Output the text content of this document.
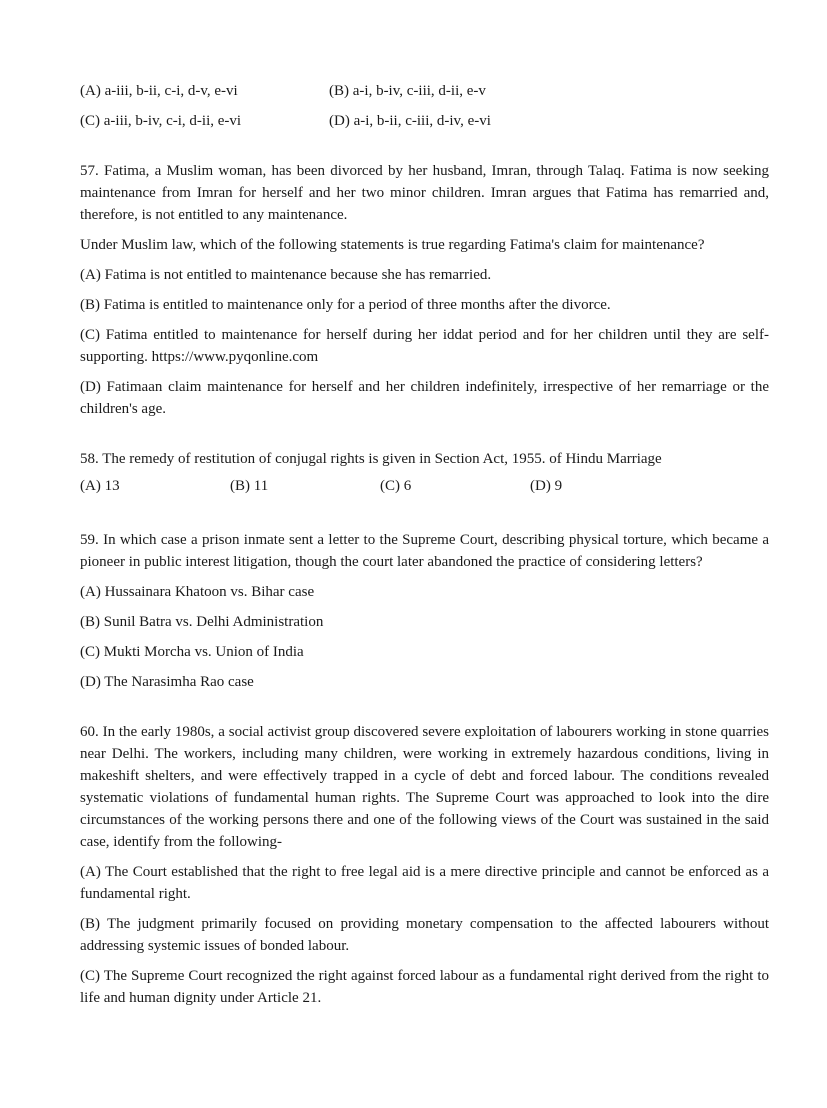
(A) a-iii, b-ii, c-i, d-v, e-vi	(B) a-i, b-iv, c-iii, d-ii, e-v
(C) a-iii, b-iv, c-i, d-ii, e-vi	(D) a-i, b-ii, c-iii, d-iv, e-vi
57. Fatima, a Muslim woman, has been divorced by her husband, Imran, through Talaq. Fatima is now seeking maintenance from Imran for herself and her two minor children. Imran argues that Fatima has remarried and, therefore, is not entitled to any maintenance.
Under Muslim law, which of the following statements is true regarding Fatima's claim for maintenance?
(A) Fatima is not entitled to maintenance because she has remarried.
(B) Fatima is entitled to maintenance only for a period of three months after the divorce.
(C) Fatima entitled to maintenance for herself during her iddat period and for her children until they are self-supporting. https://www.pyqonline.com
(D) Fatimaan claim maintenance for herself and her children indefinitely, irrespective of her remarriage or the children's age.
58. The remedy of restitution of conjugal rights is given in Section Act, 1955. of Hindu Marriage
(A) 13	(B) 11	(C) 6	(D) 9
59. In which case a prison inmate sent a letter to the Supreme Court, describing physical torture, which became a pioneer in public interest litigation, though the court later abandoned the practice of considering letters?
(A) Hussainara Khatoon vs. Bihar case
(B) Sunil Batra vs. Delhi Administration
(C) Mukti Morcha vs. Union of India
(D) The Narasimha Rao case
60. In the early 1980s, a social activist group discovered severe exploitation of labourers working in stone quarries near Delhi. The workers, including many children, were working in extremely hazardous conditions, living in makeshift shelters, and were effectively trapped in a cycle of debt and forced labour. The conditions revealed systematic violations of fundamental human rights. The Supreme Court was approached to look into the dire circumstances of the working persons there and one of the following views of the Court was sustained in the said case, identify from the following-
(A) The Court established that the right to free legal aid is a mere directive principle and cannot be enforced as a fundamental right.
(B) The judgment primarily focused on providing monetary compensation to the affected labourers without addressing systemic issues of bonded labour.
(C) The Supreme Court recognized the right against forced labour as a fundamental right derived from the right to life and human dignity under Article 21.
